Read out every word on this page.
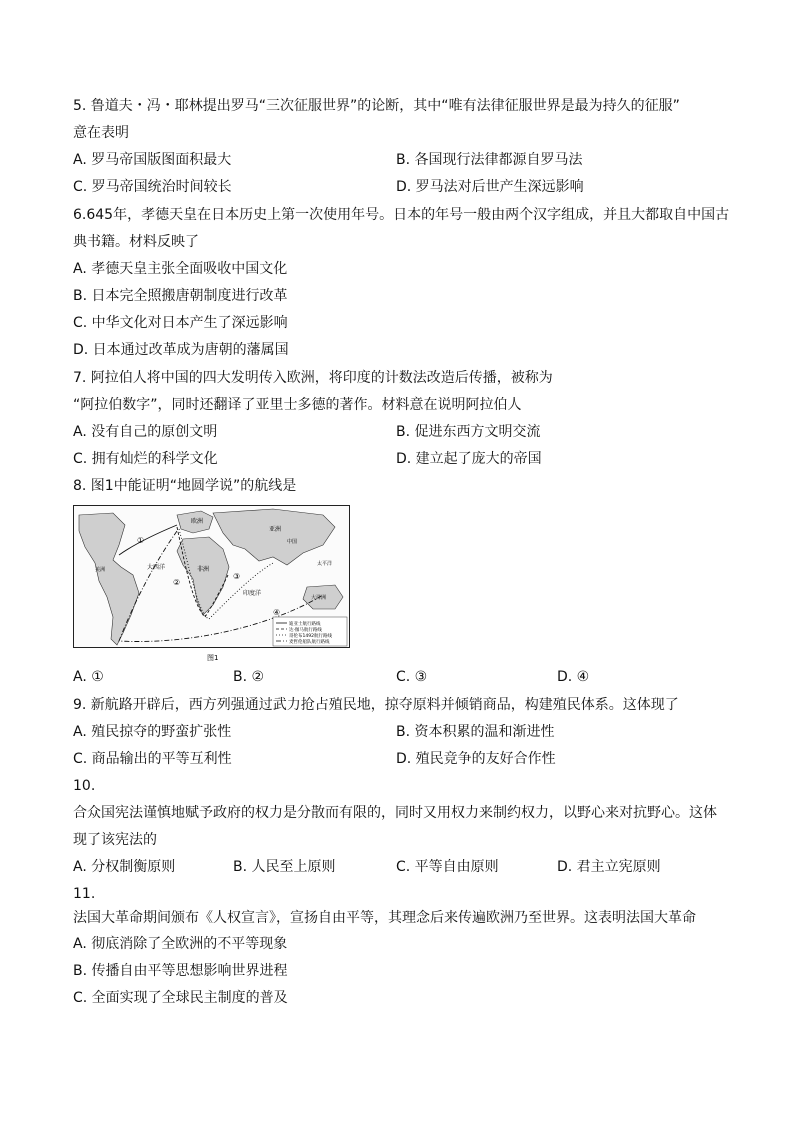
5. 鲁道夫・冯・耶林提出罗马“三次征服世界”的论断，其中“唯有法律征服世界是最为持久的征服”
意在表明
A. 罗马帝国版图面积最大	B. 各国现行法律都源自罗马法
C. 罗马帝国统治时间较长	D. 罗马法对后世产生深远影响
6.645年，孝德天皇在日本历史上第一次使用年号。日本的年号一般由两个汉字组成，并且大都取自中国古
典书籍。材料反映了
A. 孝德天皇主张全面吸收中国文化
B. 日本完全照搬唐朝制度进行改革
C. 中华文化对日本产生了深远影响
D. 日本通过改革成为唐朝的藩属国
7. 阿拉伯人将中国的四大发明传入欧洲，将印度的计数法改造后传播，被称为
“阿拉伯数字”，同时还翻译了亚里士多德的著作。材料意在说明阿拉伯人
A. 没有自己的原创文明	B. 促进东西方文明交流
C. 拥有灿烂的科学文化	D. 建立起了庞大的帝国
8. 图1中能证明“地圆学说”的航线是
欧洲
亚洲
中国
非洲
大西洋
印度洋
太平洋
大洋洲
美洲
①
②
③
④
迪亚士航行路线
达·伽马航行路线
哥伦布1492航行路线
麦哲伦船队航行路线
图1
A. ①	B. ②	C. ③	D. ④
9. 新航路开辟后，西方列强通过武力抢占殖民地，掠夺原料并倾销商品，构建殖民体系。这体现了
A. 殖民掠夺的野蛮扩张性	B. 资本积累的温和渐进性
C. 商品输出的平等互利性	D. 殖民竞争的友好合作性
10.
合众国宪法谨慎地赋予政府的权力是分散而有限的，同时又用权力来制约权力，以野心来对抗野心。这体
现了该宪法的
A. 分权制衡原则	B. 人民至上原则	C. 平等自由原则	D. 君主立宪原则
11.
法国大革命期间颁布《人权宣言》，宣扬自由平等，其理念后来传遍欧洲乃至世界。这表明法国大革命
A. 彻底消除了全欧洲的不平等现象
B. 传播自由平等思想影响世界进程
C. 全面实现了全球民主制度的普及
